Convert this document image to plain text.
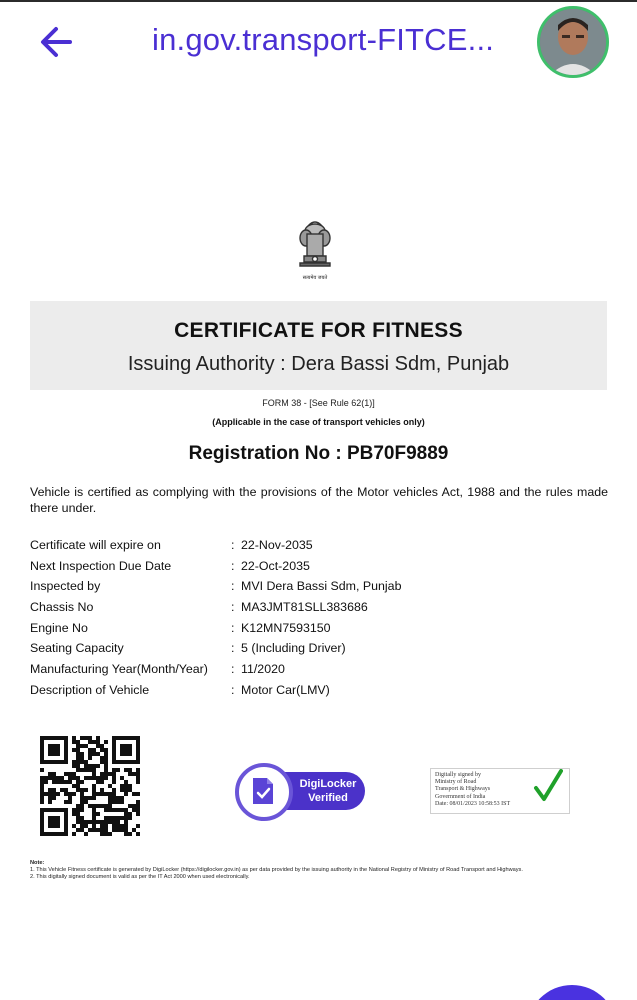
in.gov.transport-FITCE...
सत्यमेव जयते
CERTIFICATE FOR FITNESS
Issuing Authority : Dera Bassi Sdm, Punjab
FORM 38 - [See Rule 62(1)]
(Applicable in the case of transport vehicles only)
Registration No : PB70F9889
Vehicle is certified as complying with the provisions of the Motor vehicles Act, 1988 and the rules made there under.
Certificate will expire on	: 22-Nov-2035
Next Inspection Due Date	: 22-Oct-2035
Inspected by	: MVI Dera Bassi Sdm, Punjab
Chassis No	: MA3JMT81SLL383686
Engine No	: K12MN7593150
Seating Capacity	: 5 (Including Driver)
Manufacturing Year(Month/Year) : 11/2020
Description of Vehicle	: Motor Car(LMV)
DigiLocker
Verified
Digitally signed by
Ministry of Road
Transport & Highways
Government of India
Date: 08/01/2023 10:58:53 IST
Note:
1. This Vehicle Fitness certificate is generated by DigiLocker (https://digilocker.gov.in) as per data provided by the issuing authority in the National Registry of Ministry of Road Transport and Highways.
2. This digitally signed document is valid as per the IT Act 2000 when used electronically.
